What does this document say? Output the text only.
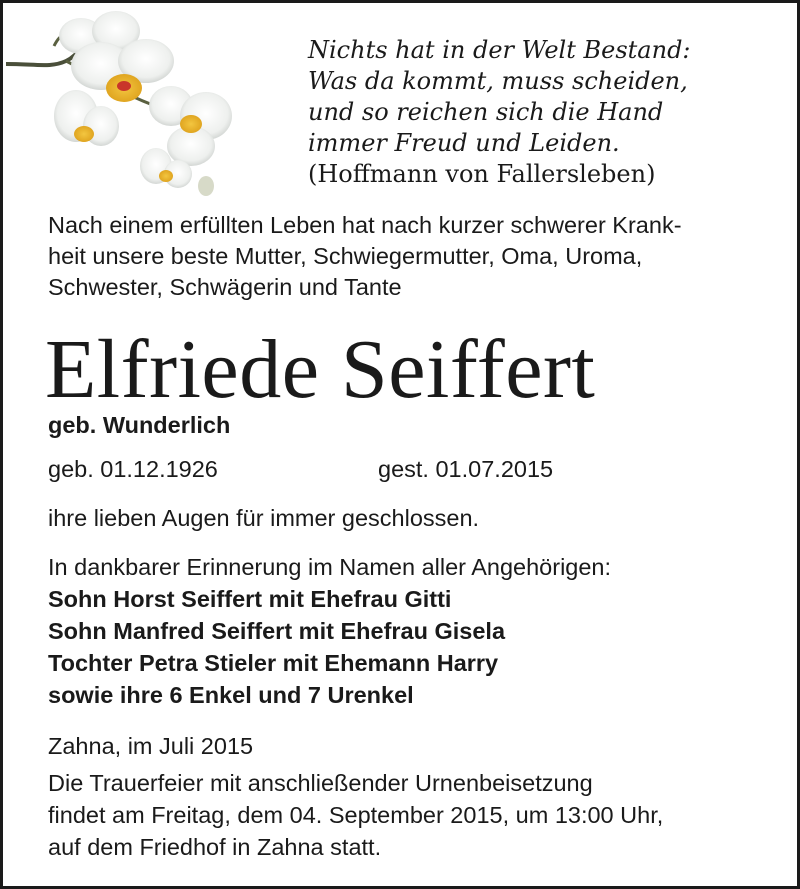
Nichts hat in der Welt Bestand:
Was da kommt, muss scheiden,
und so reichen sich die Hand
immer Freud und Leiden.
(Hoffmann von Fallersleben)
Nach einem erfüllten Leben hat nach kurzer schwerer Krank-
heit unsere beste Mutter, Schwiegermutter, Oma, Uroma,
Schwester, Schwägerin und Tante
Elfriede Seiffert
geb. Wunderlich
geb. 01.12.1926	gest. 01.07.2015
ihre lieben Augen für immer geschlossen.
In dankbarer Erinnerung im Namen aller Angehörigen:
Sohn Horst Seiffert mit Ehefrau Gitti
Sohn Manfred Seiffert mit Ehefrau Gisela
Tochter Petra Stieler mit Ehemann Harry
sowie ihre 6 Enkel und 7 Urenkel
Zahna, im Juli 2015
Die Trauerfeier mit anschließender Urnenbeisetzung
findet am Freitag, dem 04. September 2015, um 13:00 Uhr,
auf dem Friedhof in Zahna statt.
